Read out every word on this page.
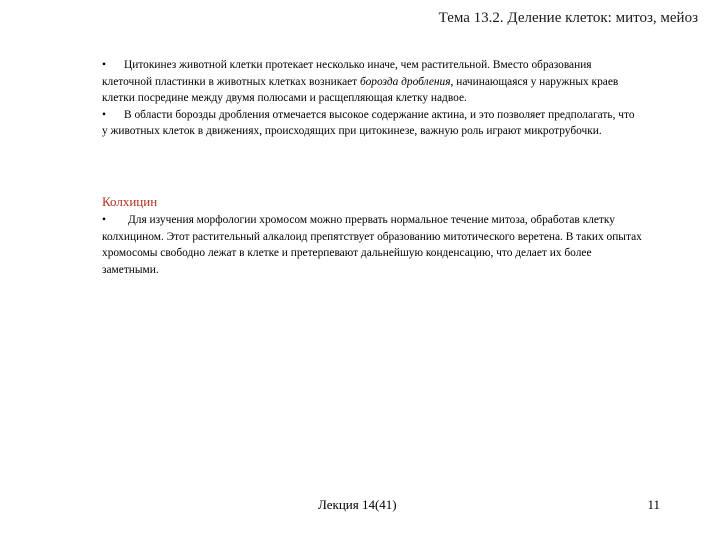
Тема 13.2. Деление клеток: митоз, мейоз

• Цитокинез животной клетки протекает несколько иначе, чем растительной. Вместо образования клеточной пластинки в животных клетках возникает борозда дробления, начинающаяся у наружных краев клетки посредине между двумя полюсами и расщепляющая клетку надвое.

• В области борозды дробления отмечается высокое содержание актина, и это позволяет предполагать, что у животных клеток в движениях, происходящих при цитокинезе, важную роль играют микротрубочки.

Колхицин

• Для изучения морфологии хромосом можно прервать нормальное течение митоза, обработав клетку колхицином. Этот растительный алкалоид препятствует образованию митотического веретена. В таких опытах хромосомы свободно лежат в клетке и претерпевают дальнейшую конденсацию, что делает их более заметными.

Лекция 14(41)	11
